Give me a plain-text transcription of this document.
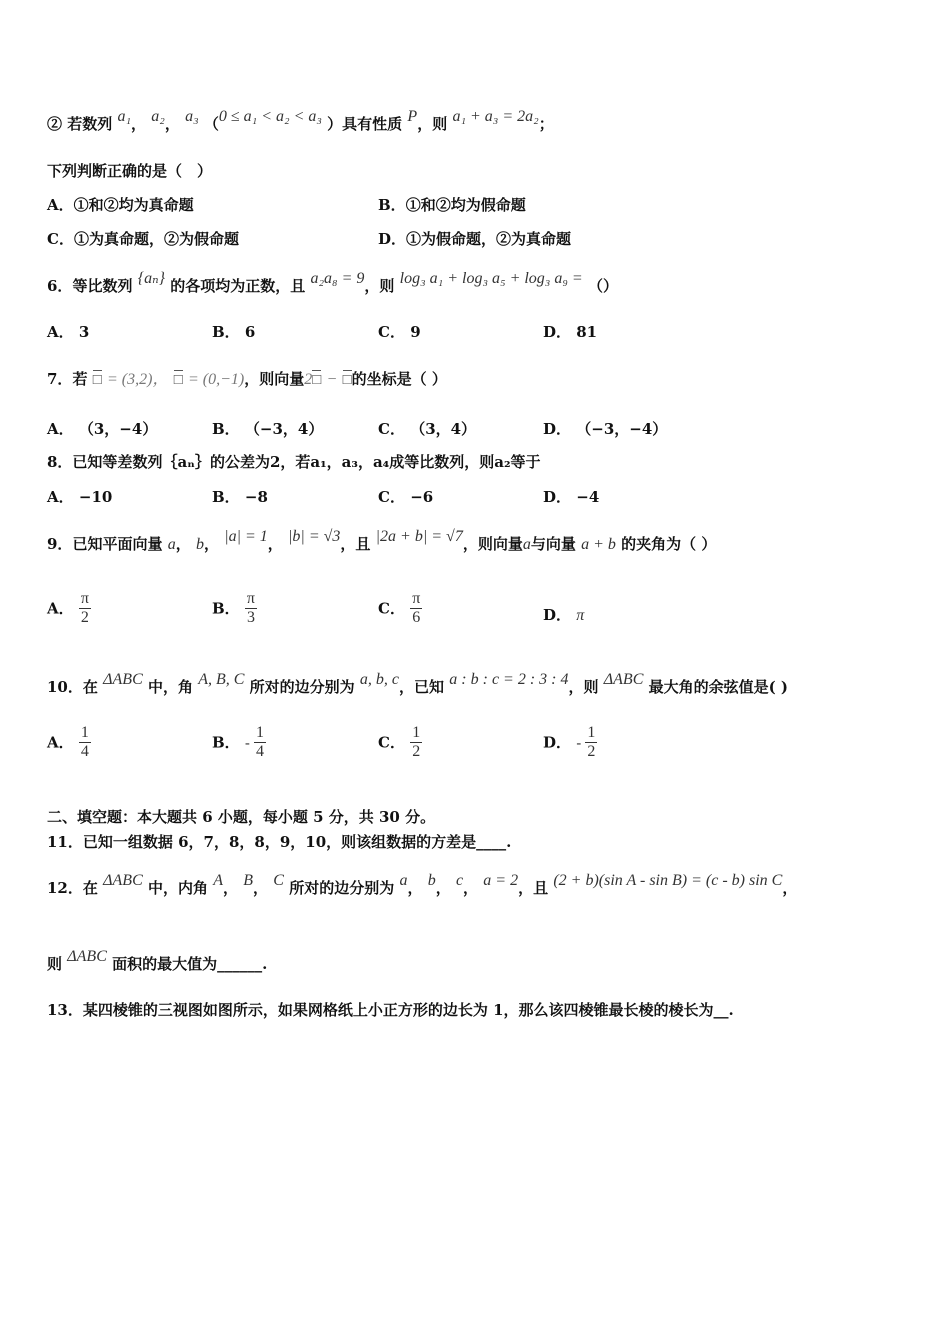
② 若数列 a₁， a₂， a₃ （0 ≤ a₁ < a₂ < a₃ ）具有性质 P，则 a₁ + a₃ = 2a₂；
下列判断正确的是（　）
A．①和②均为真命题	B．①和②均为假命题
C．①为真命题，②为假命题	D．①为假命题，②为真命题
6．等比数列 {aₙ} 的各项均为正数，且 a₂a₈ = 9，则 log₃ a₁ + log₃ a₅ + log₃ a₉ = （）
A． 3	B． 6	C． 9	D． 81
7．若 □ = (3,2)， □ = (0,−1)，则向量2□ − □的坐标是（ ）
A． （3，−4）	B． （−3，4）	C． （3，4）	D． （−3，−4）
8．已知等差数列｛aₙ｝的公差为2，若a₁，a₃，a₄成等比数列，则a₂等于
A． −10	B． −8	C． −6	D． −4
9．已知平面向量 a， b， |a| = 1， |b| = √3，且 |2a + b| = √7，则向量a与向量 a + b 的夹角为（ ）
A． $\frac{\pi}{2}$	B． $\frac{\pi}{3}$	C． $\frac{\pi}{6}$	D． π
10．在 ΔABC 中，角 A, B, C 所对的边分别为 a, b, c，已知 a : b : c = 2 : 3 : 4，则 ΔABC 最大角的余弦值是( )
A． $\frac{1}{4}$	B． - $\frac{1}{4}$	C． $\frac{1}{2}$	D． - $\frac{1}{2}$
二、填空题：本大题共 6 小题，每小题 5 分，共 30 分。
11．已知一组数据 6，7，8，8，9，10，则该组数据的方差是____.
12．在 ΔABC 中，内角 A， B， C 所对的边分别为 a， b， c， a = 2，且 (2 + b)(sin A - sin B) = (c - b) sin C，
则 ΔABC 面积的最大值为______.
13．某四棱锥的三视图如图所示，如果网格纸上小正方形的边长为 1，那么该四棱锥最长棱的棱长为__.
